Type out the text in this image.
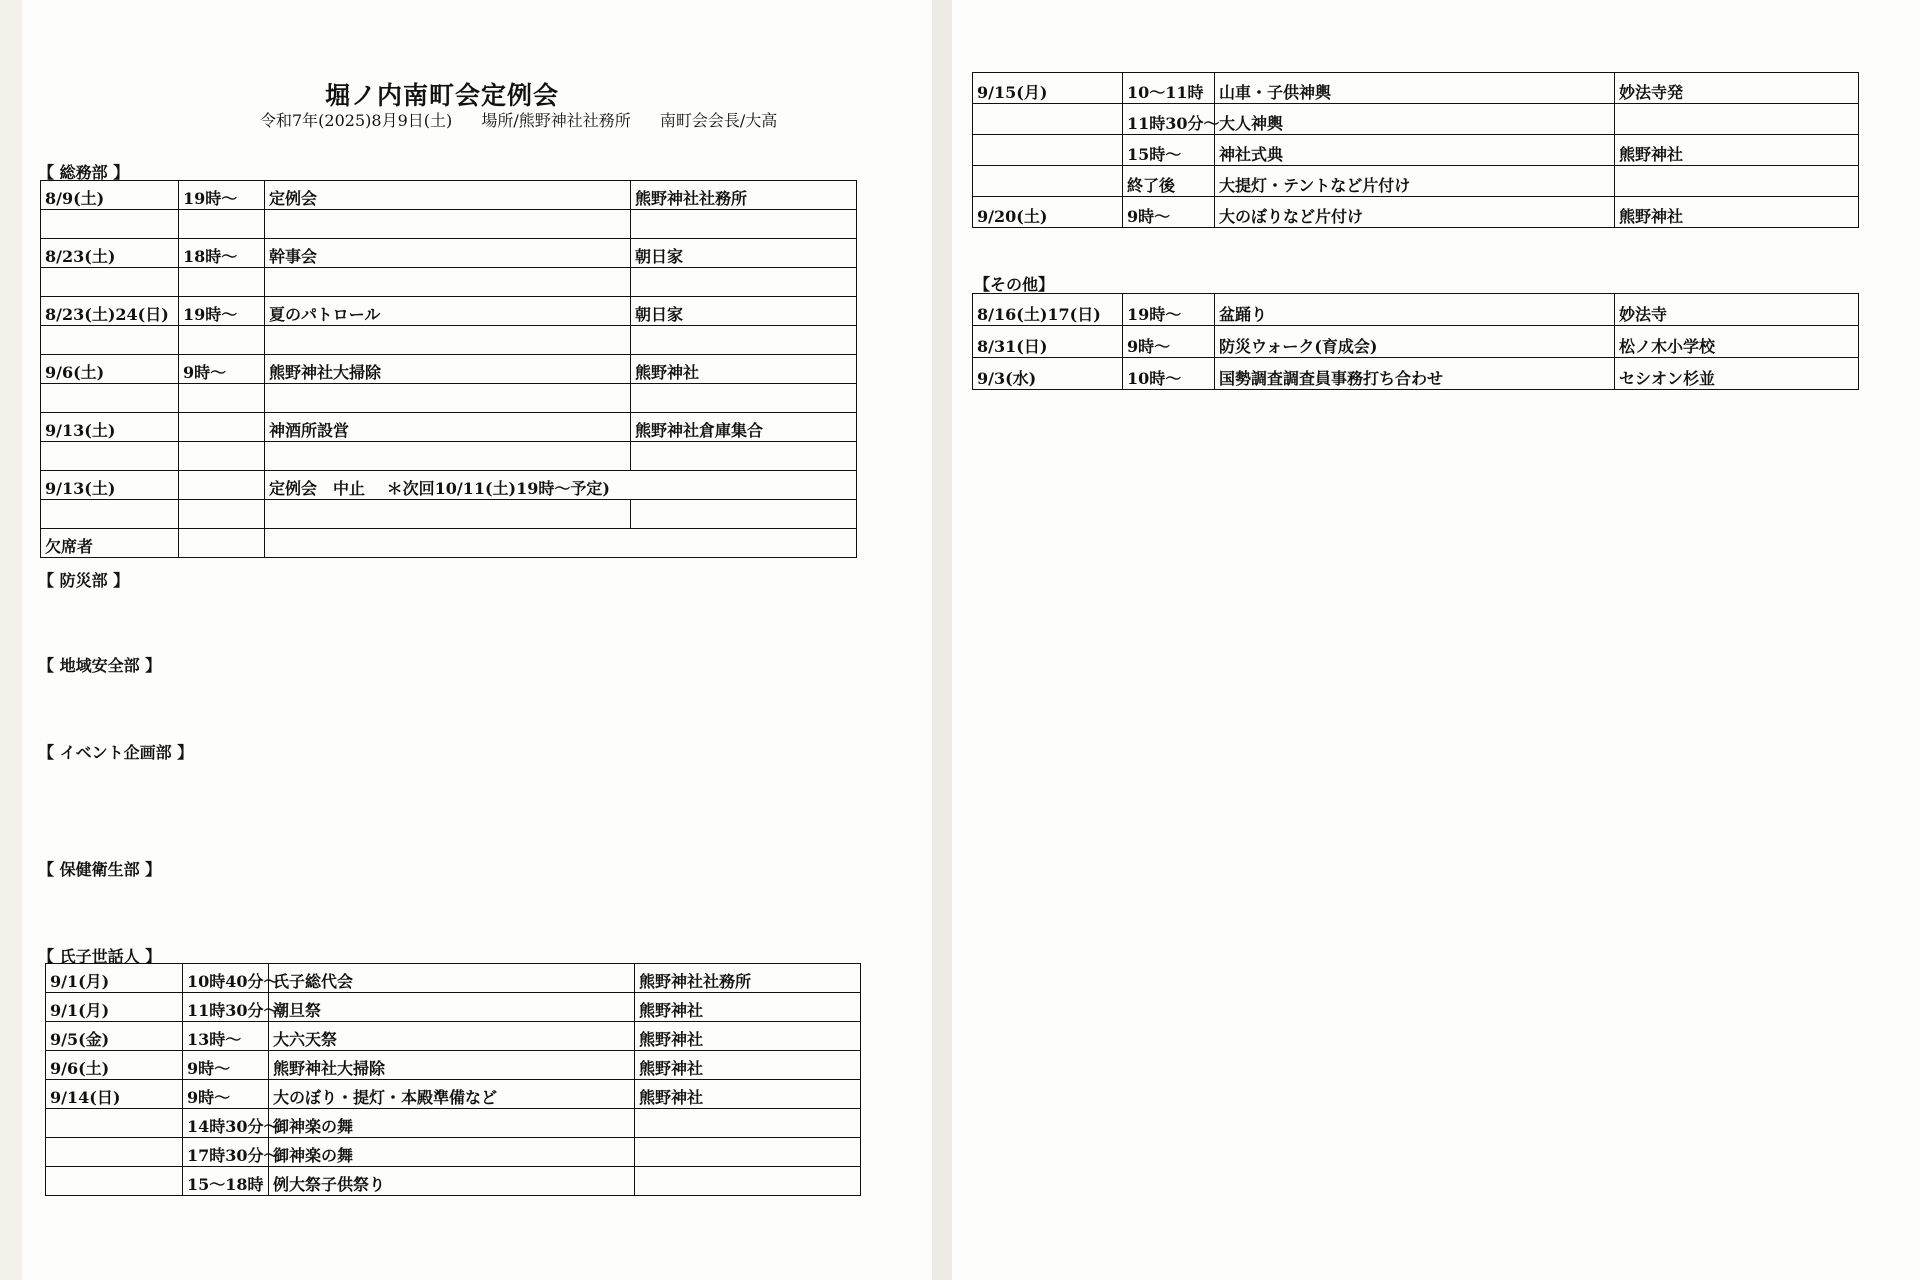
堀ノ内南町会定例会
令和7年(2025)8月9日(土) 場所/熊野神社社務所 南町会会長/大高
【 総務部 】
8/9(土)	19時～	定例会	熊野神社社務所

8/23(土)	18時～	幹事会	朝日家

8/23(土)24(日)	19時～	夏のパトロール	朝日家

9/6(土)	9時～	熊野神社大掃除	熊野神社

9/13(土)		神酒所設営	熊野神社倉庫集合

9/13(土)		定例会　中止　 ＊次回10/11(土)19時～予定)	

欠席者			
【 防災部 】
【 地域安全部 】
【 イベント企画部 】
【 保健衛生部 】
【 氏子世話人 】
9/1(月)	10時40分～	氏子総代会	熊野神社社務所
9/1(月)	11時30分～	潮旦祭	熊野神社
9/5(金)	13時～	大六天祭	熊野神社
9/6(土)	9時～	熊野神社大掃除	熊野神社
9/14(日)	9時～	大のぼり・提灯・本殿準備など	熊野神社
	14時30分～	御神楽の舞	
	17時30分～	御神楽の舞	
	15～18時	例大祭子供祭り	
9/15(月)	10～11時	山車・子供神輿	妙法寺発
	11時30分～	大人神輿	
	15時～	神社式典	熊野神社
	終了後	大提灯・テントなど片付け	
9/20(土)	9時～	大のぼりなど片付け	熊野神社
【その他】
8/16(土)17(日)	19時～	盆踊り	妙法寺
8/31(日)	9時～	防災ウォーク(育成会)	松ノ木小学校
9/3(水)	10時～	国勢調査調査員事務打ち合わせ	セシオン杉並
